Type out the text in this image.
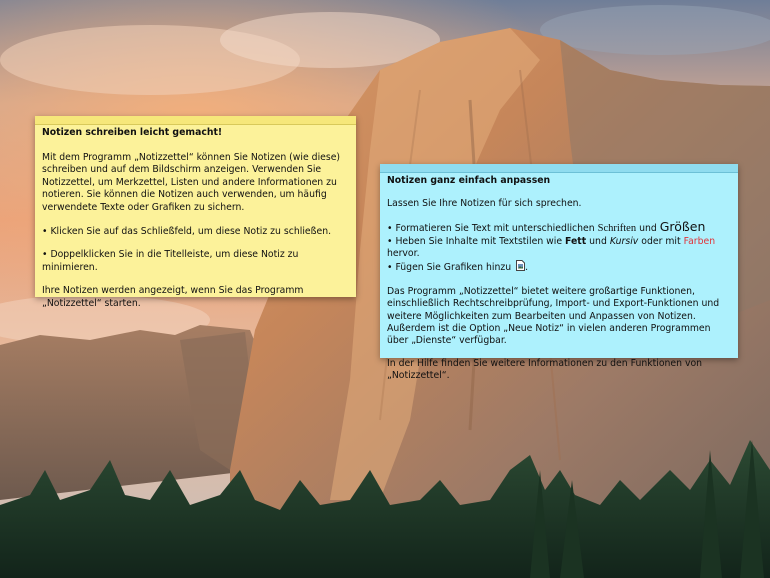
Notizen schreiben leicht gemacht!

Mit dem Programm „Notizzettel“ können Sie Notizen (wie diese) schreiben und auf dem Bildschirm anzeigen. Verwenden Sie Notizzettel, um Merkzettel, Listen und andere Informationen zu notieren. Sie können die Notizen auch verwenden, um häufig verwendete Texte oder Grafiken zu sichern.

• Klicken Sie auf das Schließfeld, um diese Notiz zu schließen.

• Doppelklicken Sie in die Titelleiste, um diese Notiz zu minimieren.

Ihre Notizen werden angezeigt, wenn Sie das Programm „Notizzettel“ starten.

Notizen ganz einfach anpassen

Lassen Sie Ihre Notizen für sich sprechen.

• Formatieren Sie Text mit unterschiedlichen Schriften und Größen

• Heben Sie Inhalte mit Textstilen wie Fett und Kursiv oder mit Farben hervor.

• Fügen Sie Grafiken hinzu .

Das Programm „Notizzettel“ bietet weitere großartige Funktionen, einschließlich Rechtschreibprüfung, Import- und Export-Funktionen und weitere Möglichkeiten zum Bearbeiten und Anpassen von Notizen. Außerdem ist die Option „Neue Notiz“ in vielen anderen Programmen über „Dienste“ verfügbar.

In der Hilfe finden Sie weitere Informationen zu den Funktionen von „Notizzettel“.
